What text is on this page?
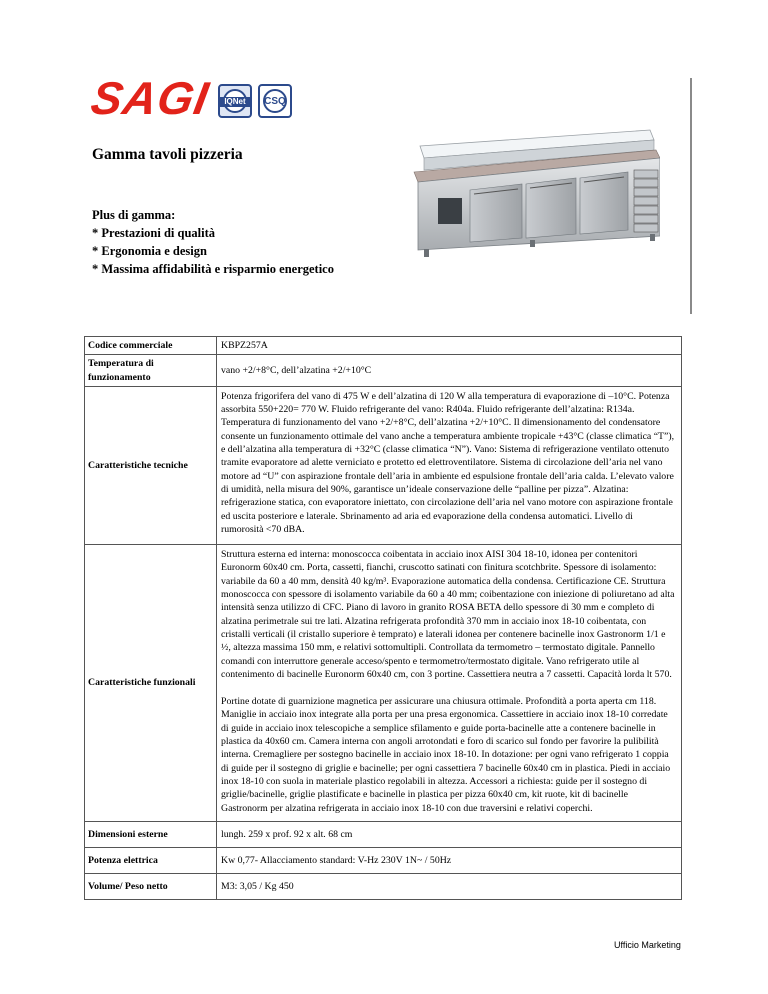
SAGI	IQNet	CSQ
Gamma tavoli pizzeria
Plus di gamma:
* Prestazioni di qualità
* Ergonomia e design
* Massima affidabilità e risparmio energetico
Codice commerciale	KBPZ257A
Temperatura di funzionamento	vano +2/+8°C, dell’alzatina +2/+10°C
Caratteristiche tecniche	Potenza frigorifera del vano di 475 W e dell’alzatina di 120 W alla temperatura di evaporazione di –10°C. Potenza assorbita 550+220= 770 W. Fluido refrigerante del vano: R404a. Fluido refrigerante dell’alzatina: R134a. Temperatura di funzionamento del vano +2/+8°C, dell’alzatina +2/+10°C. Il dimensionamento del condensatore consente un funzionamento ottimale del vano anche a temperatura ambiente tropicale +43°C (classe climatica “T”), e dell’alzatina alla temperatura di +32°C (classe climatica “N”). Vano: Sistema di refrigerazione ventilato ottenuto tramite evaporatore ad alette verniciato e protetto ed elettroventilatore. Sistema di circolazione dell’aria nel vano motore ad “U” con aspirazione frontale dell’aria in ambiente ed espulsione frontale dell’aria calda. L’elevato valore di umidità, nella misura del 90%, garantisce un’ideale conservazione delle “palline per pizza”. Alzatina: refrigerazione statica, con evaporatore iniettato, con circolazione dell’aria nel vano motore con aspirazione frontale ed uscita posteriore e laterale. Sbrinamento ad aria ed evaporazione della condensa automatici. Livello di rumorosità <70 dBA.
Caratteristiche funzionali	Struttura esterna ed interna: monoscocca coibentata in acciaio inox AISI 304 18-10, idonea per contenitori Euronorm 60x40 cm. Porta, cassetti, fianchi, cruscotto satinati con finitura scotchbrite. Spessore di isolamento: variabile da 60 a 40 mm, densità 40 kg/m³. Evaporazione automatica della condensa. Certificazione CE. Struttura monoscocca con spessore di isolamento variabile da 60 a 40 mm; coibentazione con iniezione di poliuretano ad alta intensità senza utilizzo di CFC. Piano di lavoro in granito ROSA BETA dello spessore di 30 mm e completo di alzatina perimetrale sui tre lati. Alzatina refrigerata profondità 370 mm in acciaio inox 18-10 coibentata, con cristalli verticali (il cristallo superiore è temprato) e laterali idonea per contenere bacinelle inox Gastronorm 1/1 e ½, altezza massima 150 mm, e relativi sottomultipli. Controllata da termometro – termostato digitale. Pannello comandi con interruttore generale acceso/spento e termometro/termostato digitale. Vano refrigerato utile al contenimento di bacinelle Euronorm 60x40 cm, con 3 portine. Cassettiera neutra a 7 cassetti. Capacità lorda lt 570.
Portine dotate di guarnizione magnetica per assicurare una chiusura ottimale. Profondità a porta aperta cm 118. Maniglie in acciaio inox integrate alla porta per una presa ergonomica. Cassettiere in acciaio inox 18-10 corredate di guide in acciaio inox telescopiche a semplice sfilamento e guide porta-bacinelle atte a contenere bacinelle in plastica da 40x60 cm. Camera interna con angoli arrotondati e foro di scarico sul fondo per favorire la pulibilità interna. Cremagliere per sostegno bacinelle in acciaio inox 18-10. In dotazione: per ogni vano refrigerato 1 coppia di guide per il sostegno di griglie e bacinelle; per ogni cassettiera 7 bacinelle 60x40 cm in plastica. Piedi in acciaio inox 18-10 con suola in materiale plastico regolabili in altezza. Accessori a richiesta: guide per il sostegno di griglie/bacinelle, griglie plastificate e bacinelle in plastica per pizza 60x40 cm, kit ruote, kit di bacinelle Gastronorm per alzatina refrigerata in acciaio inox 18-10 con due traversini e relativi coperchi.

Dimensioni esterne	lungh. 259 x prof. 92 x alt. 68 cm
Potenza elettrica	Kw 0,77- Allacciamento standard: V-Hz 230V 1N~ / 50Hz
Volume/ Peso netto	M3: 3,05 / Kg 450
Ufficio Marketing
